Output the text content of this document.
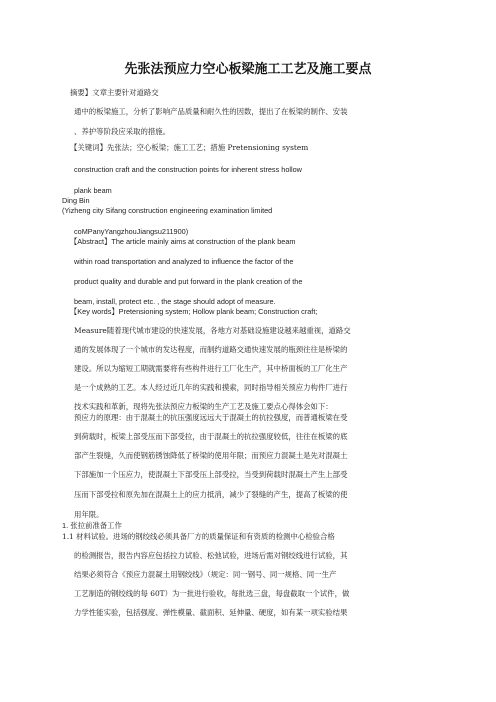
先张法预应力空心板梁施工工艺及施工要点
摘要】文章主要针对道路交
通中的板梁施工，分析了影响产品质量和耐久性的因数，提出了在板梁的制作、安装
、养护等阶段应采取的措施。
【关键词】先张法；空心板梁；施工工艺；措施 Pretensioning system
construction craft and the construction points for inherent stress hollow
plank beam
Ding Bin
(Yizheng city Sifang construction engineering examination limited
coMPanyYangzhouJiangsu211900)
【Abstract】The article mainly aims at construction of the plank beam
within road transportation and analyzed to influence the factor of the
product quality and durable and put forward in the plank creation of the
beam, install, protect etc. , the stage should adopt of measure.
【Key words】Pretensioning system; Hollow plank beam; Construction craft;
Measure随着现代城市建设的快速发展，各地方对基础设施建设越来越重视，道路交
通的发展体现了一个城市的发达程度，而制约道路交通快速发展的瓶颈往往是桥梁的
建设。所以为缩短工期就需要将有些构件进行工厂化生产，其中桥面板的工厂化生产
是一个成熟的工艺。本人经过近几年的实践和摸索，同时指导相关预应力构件厂进行
技术实践和革新，现将先张法预应力板梁的生产工艺及施工要点心得体会如下：
预应力的原理：由于混凝土的抗压强度远远大于混凝土的抗拉强度，而普通板梁在受
到荷载时，板梁上部受压而下部受拉，由于混凝土的抗拉强度较低，往往在板梁的底
部产生裂缝，久而使钢筋锈蚀降低了桥梁的使用年限；而预应力混凝土是先对混凝土
下部施加一个压应力，使混凝土下部受压上部受拉，当受到荷载时混凝土产生上部受
压而下部受拉和原先加在混凝土上的应力抵消，减少了裂缝的产生，提高了板梁的使
用年限。
1. 张拉前准备工作
1.1 材料试验。进场的钢绞线必须具备厂方的质量保证和有资质的检测中心检验合格
的检测报告，报告内容应包括拉力试验、松弛试验，进场后需对钢绞线进行试验，其
结果必须符合《预应力混凝土用钢绞线》（规定：同一钢号、同一规格、同一生产
工艺制造的钢绞线的每 60T）为一批进行验收，每批选三盘，每盘截取一个试件，做
力学性能实验，包括强度、弹性模量、截面积、延伸量、硬度，如有某一项实验结果
